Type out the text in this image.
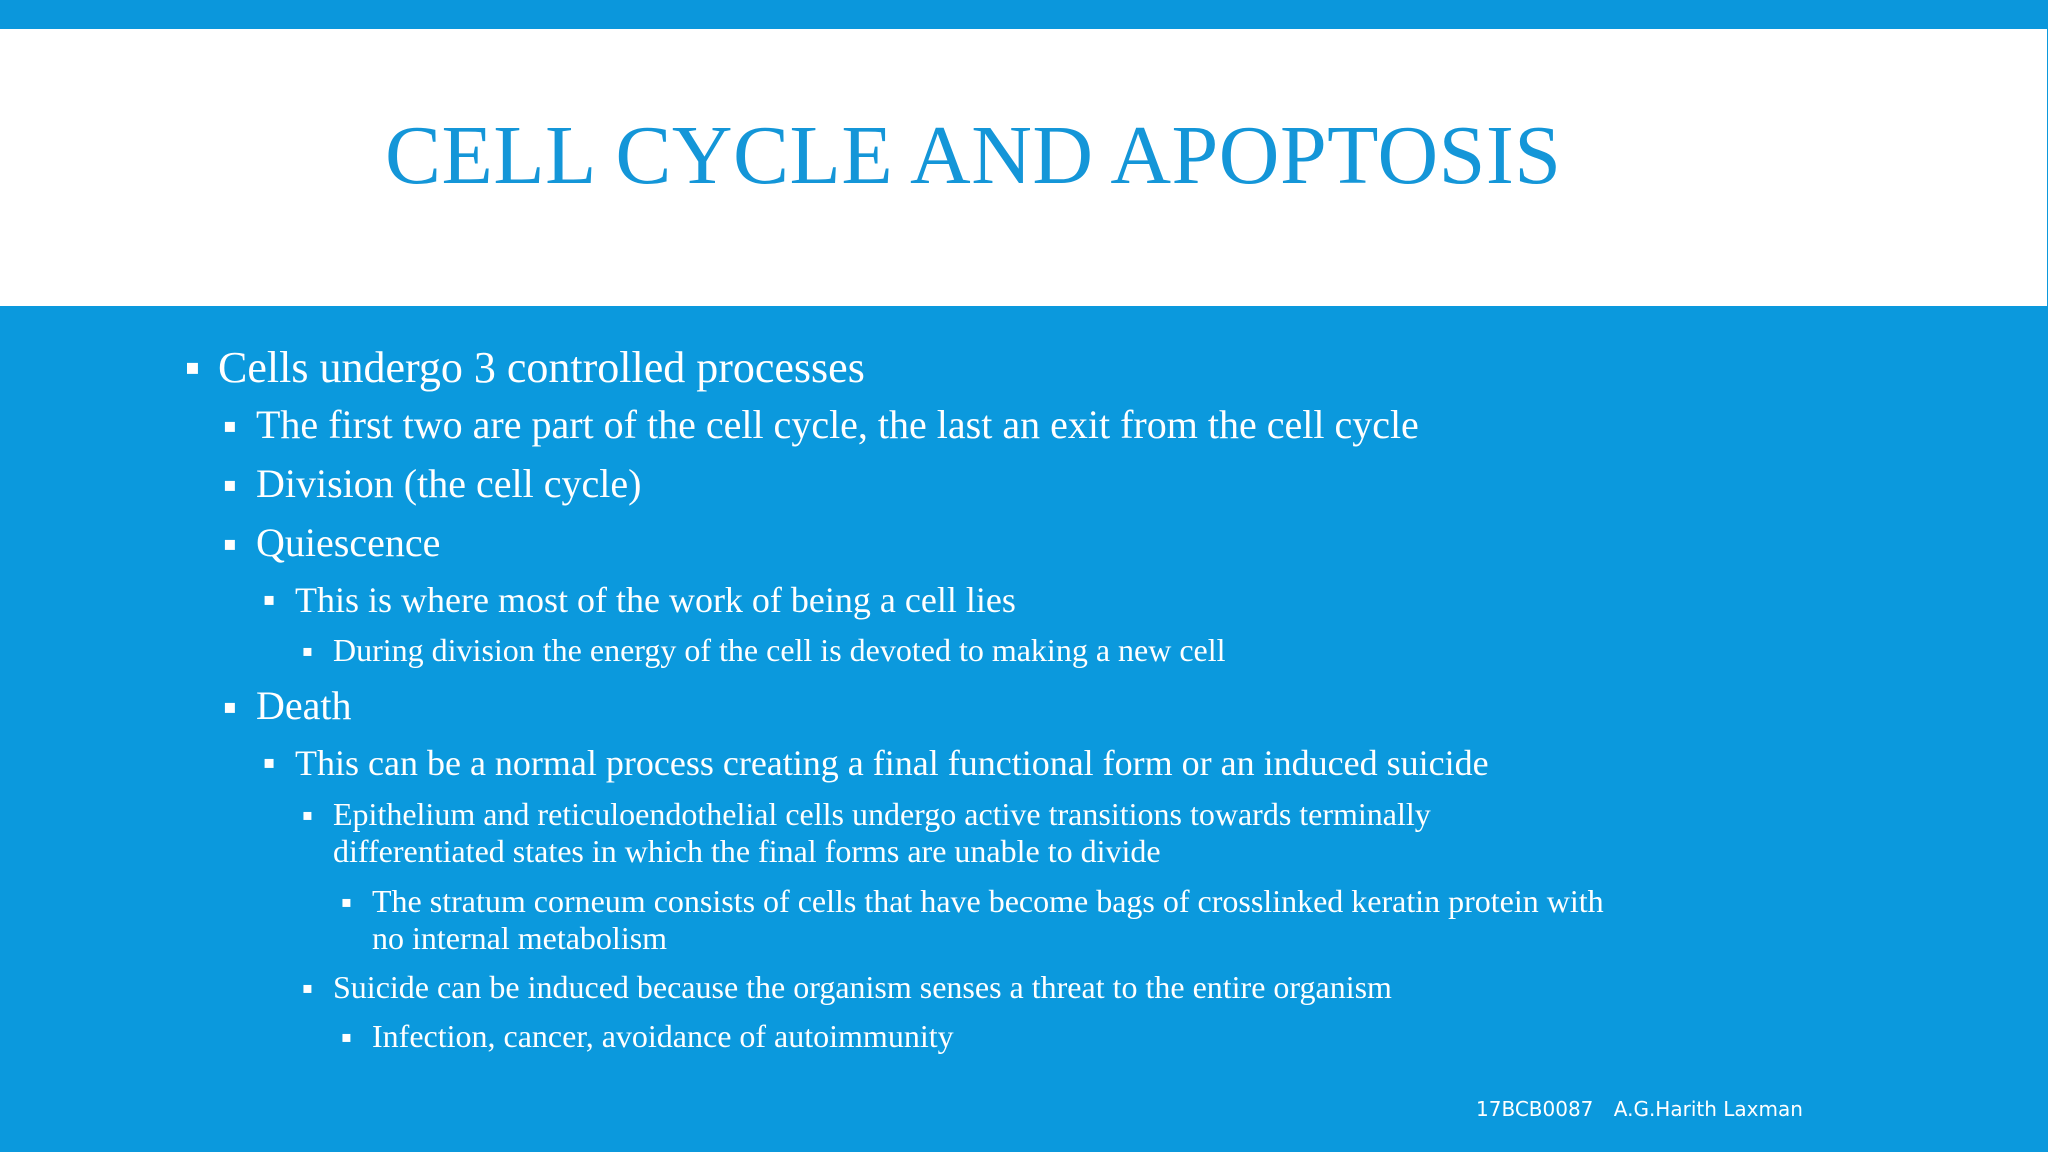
CELL CYCLE AND APOPTOSIS
▪ Cells undergo 3 controlled processes
▪ The first two are part of the cell cycle, the last an exit from the cell cycle
▪ Division (the cell cycle)
▪ Quiescence
▪ This is where most of the work of being a cell lies
▪ During division the energy of the cell is devoted to making a new cell
▪ Death
▪ This can be a normal process creating a final functional form or an induced suicide
▪ Epithelium and reticuloendothelial cells undergo active transitions towards terminally
differentiated states in which the final forms are unable to divide
▪ The stratum corneum consists of cells that have become bags of crosslinked keratin protein with
no internal metabolism
▪ Suicide can be induced because the organism senses a threat to the entire organism
▪ Infection, cancer, avoidance of autoimmunity
17BCB0087 A.G.Harith Laxman
